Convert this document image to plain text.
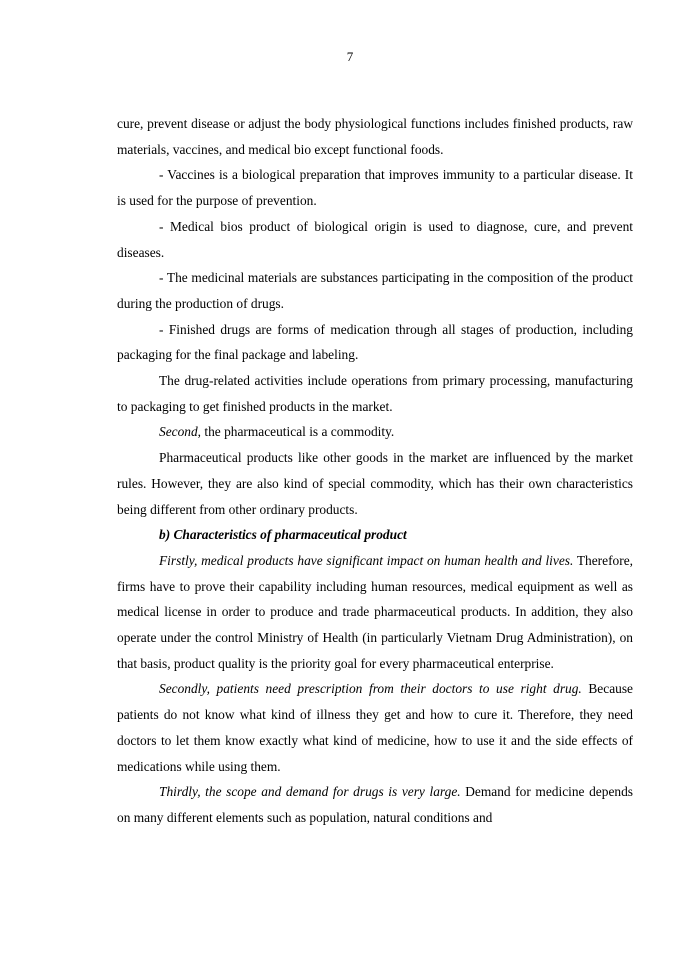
7

cure, prevent disease or adjust the body physiological functions includes finished products, raw materials, vaccines, and medical bio except functional foods.

- Vaccines is a biological preparation that improves immunity to a particular disease. It is used for the purpose of prevention.

- Medical bios product of biological origin is used to diagnose, cure, and prevent diseases.

- The medicinal materials are substances participating in the composition of the product during the production of drugs.

- Finished drugs are forms of medication through all stages of production, including packaging for the final package and labeling.

The drug-related activities include operations from primary processing, manufacturing to packaging to get finished products in the market.

Second, the pharmaceutical is a commodity.

Pharmaceutical products like other goods in the market are influenced by the market rules. However, they are also kind of special commodity, which has their own characteristics being different from other ordinary products.

b) Characteristics of pharmaceutical product

Firstly, medical products have significant impact on human health and lives. Therefore, firms have to prove their capability including human resources, medical equipment as well as medical license in order to produce and trade pharmaceutical products. In addition, they also operate under the control Ministry of Health (in particularly Vietnam Drug Administration), on that basis, product quality is the priority goal for every pharmaceutical enterprise.

Secondly, patients need prescription from their doctors to use right drug. Because patients do not know what kind of illness they get and how to cure it. Therefore, they need doctors to let them know exactly what kind of medicine, how to use it and the side effects of medications while using them.

Thirdly, the scope and demand for drugs is very large. Demand for medicine depends on many different elements such as population, natural conditions and
